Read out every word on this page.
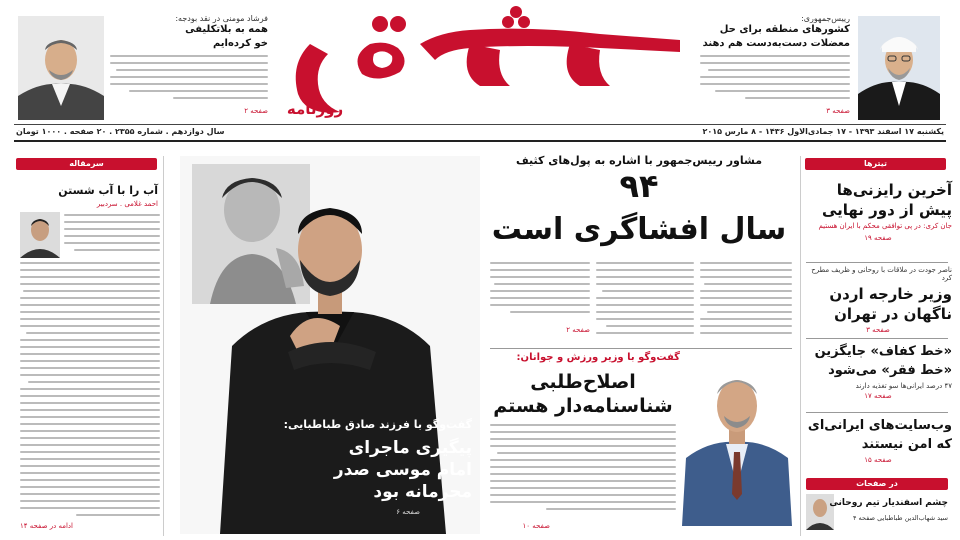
رییس‌جمهوری:
کشورهای منطقه برای حل
معضلات دست‌به‌دست هم دهند
صفحه ۳
روزنامه
فرشاد مومنی در نقد بودجه:
همه به بلاتکلیفی
خو کرده‌ایم
صفحه ۲
یکشنبه ۱۷ اسفند ۱۳۹۳ - ۱۷ جمادی‌الاول ۱۴۳۶ - ۸ مارس ۲۰۱۵
سال دوازدهم . شماره ۲۳۵۵ . ۲۰ صفحه . ۱۰۰۰ تومان
تیترها
آخرین رایزنی‌ها پیش از دور نهایی
جان کری: در پی توافقی محکم با ایران هستیم
صفحه ۱۹
ناصر جودت در ملاقات با روحانی و ظریف مطرح کرد
وزیر خارجه اردن ناگهان در تهران
صفحه ۳
«خط کفاف» جایگزین «خط فقر» می‌شود
۴۷ درصد ایرانی‌ها سو تغذیه دارند
صفحه ۱۷
وب‌سایت‌های ایرانی‌ای که امن نیستند
صفحه ۱۵
در صفحات
چشم اسفندیار تیم روحانی
سید شهاب‌الدین طباطبایی صفحه ۴
مشاور رییس‌جمهور با اشاره به پول‌های کثیف
۹۴
سال افشاگری است
صفحه ۲
گفت‌وگو با وزیر ورزش و جوانان:
اصلاح‌طلبی
شناسنامه‌دار هستم
صفحه ۱۰
گفت‌وگو با فرزند صادق طباطبایی:
پیگیری ماجرای
امام موسی صدر
محرمانه بود
صفحه ۶
سرمقاله
آب را با آب شستن
احمد غلامی . سردبیر
ادامه در صفحه ۱۴
